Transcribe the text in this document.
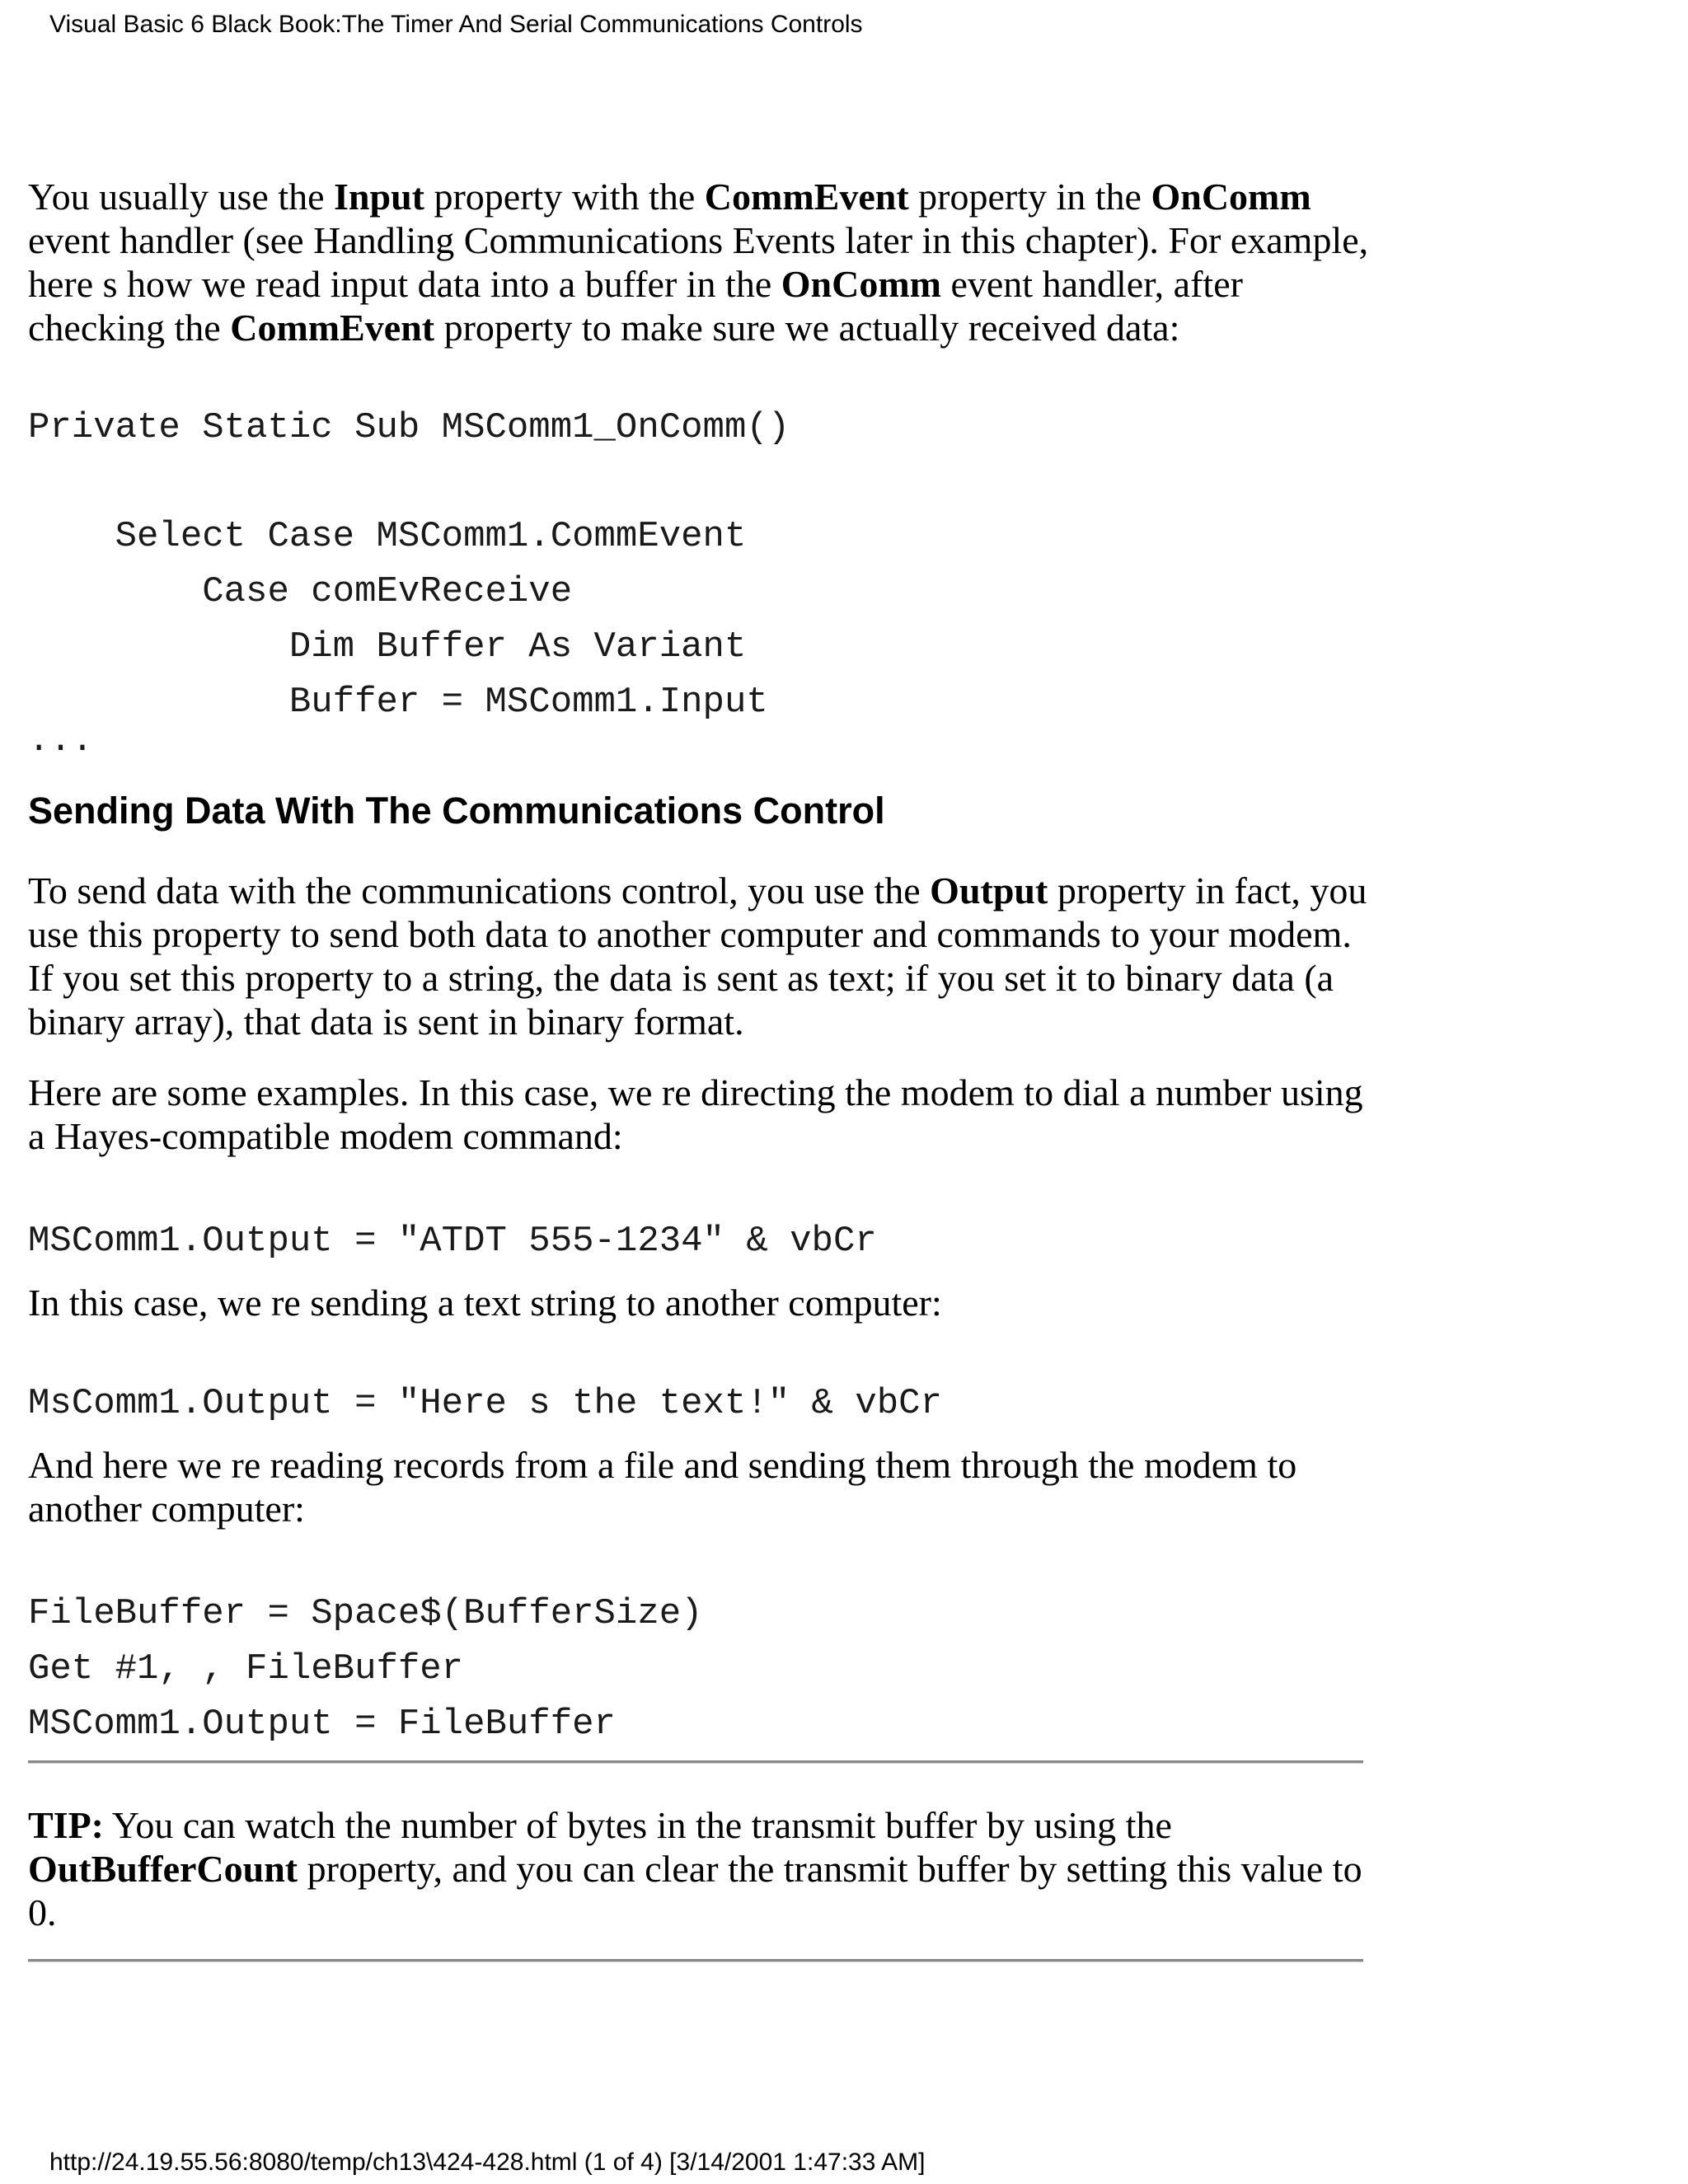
Visual Basic 6 Black Book:The Timer And Serial Communications Controls

You usually use the Input property with the CommEvent property in the OnComm event handler (see Handling Communications Events later in this chapter). For example, here s how we read input data into a buffer in the OnComm event handler, after checking the CommEvent property to make sure we actually received data:

Private Static Sub MSComm1_OnComm()

Select Case MSComm1.CommEvent
Case comEvReceive
Dim Buffer As Variant
Buffer = MSComm1.Input

...
Sending Data With The Communications Control

To send data with the communications control, you use the Output property in fact, you use this property to send both data to another computer and commands to your modem. If you set this property to a string, the data is sent as text; if you set it to binary data (a binary array), that data is sent in binary format.

Here are some examples. In this case, we re directing the modem to dial a number using a Hayes-compatible modem command:

MSComm1.Output = "ATDT 555-1234" & vbCr

In this case, we re sending a text string to another computer:

MsComm1.Output = "Here s the text!" & vbCr

And here we re reading records from a file and sending them through the modem to another computer:

FileBuffer = Space$(BufferSize)
Get #1, , FileBuffer
MSComm1.Output = FileBuffer

TIP: You can watch the number of bytes in the transmit buffer by using the OutBufferCount property, and you can clear the transmit buffer by setting this value to 0.

http://24.19.55.56:8080/temp/ch13\424-428.html (1 of 4) [3/14/2001 1:47:33 AM]
